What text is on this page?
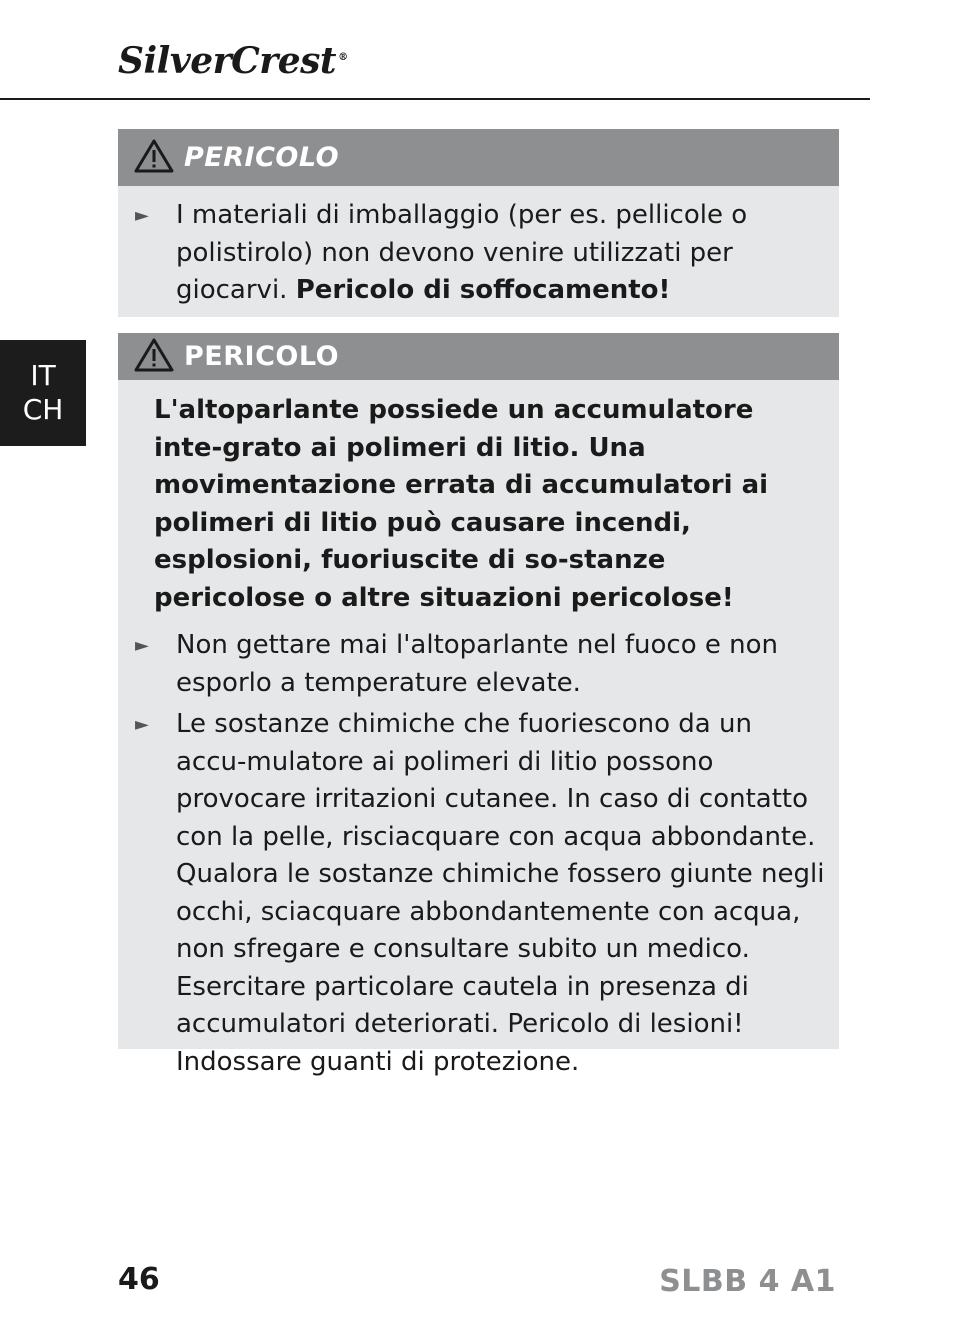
SilverCrest ®
IT
CH
PERICOLO
► I materiali di imballaggio (per es. pellicole o polistirolo) non devono venire utilizzati per giocarvi. Pericolo di soffocamento!
PERICOLO
L'altoparlante possiede un accumulatore inte-grato ai polimeri di litio. Una movimentazione errata di accumulatori ai polimeri di litio può causare incendi, esplosioni, fuoriuscite di so-stanze pericolose o altre situazioni pericolose!
► Non gettare mai l'altoparlante nel fuoco e non esporlo a temperature elevate.
► Le sostanze chimiche che fuoriescono da un accu-mulatore ai polimeri di litio possono provocare irritazioni cutanee. In caso di contatto con la pelle, risciacquare con acqua abbondante. Qualora le sostanze chimiche fossero giunte negli occhi, sciacquare abbondantemente con acqua, non sfregare e consultare subito un medico. Esercitare particolare cautela in presenza di accumulatori deteriorati. Pericolo di lesioni! Indossare guanti di protezione.
46	SLBB 4 A1
